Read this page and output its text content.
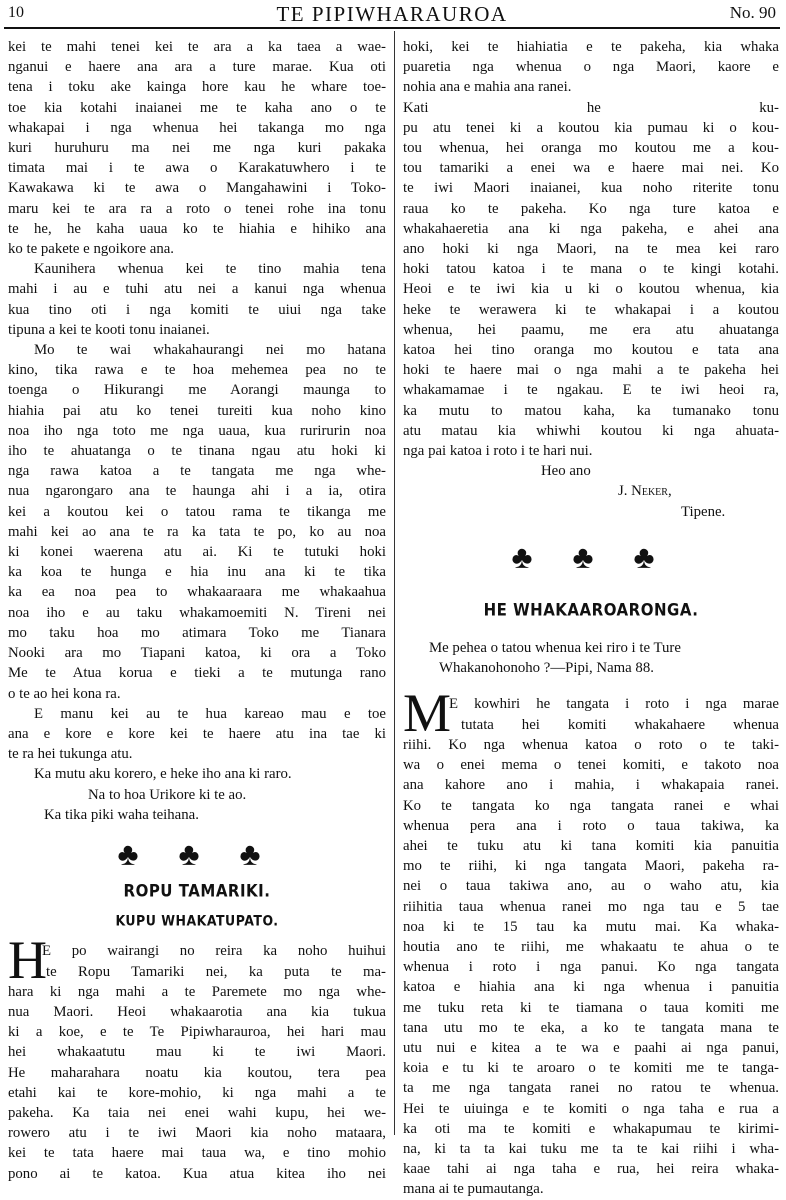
10	TE PIPIWHARAUROA	No. 90
kei te mahi tenei kei te ara a ka taea a wae-
nganui e haere ana ara a ture marae. Kua oti
tena i toku ake kainga hore kau he whare toe-
toe kia kotahi inaianei me te kaha ano o te
whakapai i nga whenua hei takanga mo nga
kuri huruhuru ma nei me nga kuri pakaka
timata mai i te awa o Karakatuwhero i te
Kawakawa ki te awa o Mangahawini i Toko-
maru kei te ara ra a roto o tenei rohe ina tonu
te he, he kaha uaua ko te hiahia e hihiko ana
ko te pakete e ngoikore ana.
Kaunihera whenua kei te tino mahia tena
mahi i au e tuhi atu nei a kanui nga whenua
kua tino oti i nga komiti te uiui nga take
tipuna a kei te kooti tonu inaianei.
Mo te wai whakahaurangi nei mo hatana
kino, tika rawa e te hoa mehemea pea no te
toenga o Hikurangi me Aorangi maunga to
hiahia pai atu ko tenei tureiti kua noho kino
noa iho nga toto me nga uaua, kua rurirurin noa
iho te ahuatanga o te tinana ngau atu hoki ki
nga rawa katoa a te tangata me nga whe-
nua ngarongaro ana te haunga ahi i a ia, otira
kei a koutou kei o tatou rama te tikanga me
mahi kei ao ana te ra ka tata te po, ko au noa
ki konei waerena atu ai. Ki te tutuki hoki
ka koa te hunga e hia inu ana ki te tika
ka ea noa pea to whakaaraara me whakaahua
noa iho e au taku whakamoemiti N. Tireni nei
mo taku hoa mo atimara Toko me Tianara
Nooki ara mo Tiapani katoa, ki ora a Toko
Me te Atua korua e tieki a te mutunga rano
o te ao hei kona ra.
E manu kei au te hua kareao mau e toe
ana e kore e kore kei te haere atu ina tae ki
te ra hei tukunga atu.
Ka mutu aku korero, e heke iho ana ki raro.
Na to hoa Urikore ki te ao.
Ka tika piki waha teihana.
♣ ♣ ♣
ROPU TAMARIKI.
KUPU WHAKATUPATO.
H
E po wairangi no reira ka noho huihui
te Ropu Tamariki nei, ka puta te ma-
hara ki nga mahi a te Paremete mo nga whe-
nua Maori. Heoi whakaarotia ana kia tukua
ki a koe, e te Te Pipiwharauroa, hei hari mau
hei whakaatutu mau ki te iwi Maori.
He maharahara noatu kia koutou, tera pea
etahi kai te kore-mohio, ki nga mahi a te
pakeha. Ka taia nei enei wahi kupu, hei we-
rowero atu i te iwi Maori kia noho mataara,
kei te tata haere mai taua wa, e tino mohio
pono ai te katoa. Kua atua kitea iho nei
hoki, kei te hiahiatia e te pakeha, kia whaka
puaretia nga whenua o nga Maori, kaore e
nohia ana e mahia ana ranei.
Kati he ku-
pu atu tenei ki a koutou kia pumau ki o kou-
tou whenua, hei oranga mo koutou me a kou-
tou tamariki a enei wa e haere mai nei. Ko
te iwi Maori inaianei, kua noho riterite tonu
raua ko te pakeha. Ko nga ture katoa e
whakahaeretia ana ki nga pakeha, e ahei ana
ano hoki ki nga Maori, na te mea kei raro
hoki tatou katoa i te mana o te kingi kotahi.
Heoi e te iwi kia u ki o koutou whenua, kia
heke te werawera ki te whakapai i a koutou
whenua, hei paamu, me era atu ahuatanga
katoa hei tino oranga mo koutou e tata ana
hoki te haere mai o nga mahi a te pakeha hei
whakamamae i te ngakau. E te iwi heoi ra,
ka mutu to matou kaha, ka tumanako tonu
atu matau kia whiwhi koutou ki nga ahuata-
nga pai katoa i roto i te hari nui.
Heo ano
J. Neker,
Tipene.
♣ ♣ ♣
HE WHAKAAROARONGA.
Me pehea o tatou whenua kei riro i te Ture
Whakanohonoho ?—Pipi, Nama 88.
M
E kowhiri he tangata i roto i nga marae
tutata hei komiti whakahaere whenua
riihi. Ko nga whenua katoa o roto o te taki-
wa o enei mema o tenei komiti, e takoto noa
ana kahore ano i mahia, i whakapaia ranei.
Ko te tangata ko nga tangata ranei e whai
whenua pera ana i roto o taua takiwa, ka
ahei te tuku atu ki tana komiti kia panuitia
mo te riihi, ki nga tangata Maori, pakeha ra-
nei o taua takiwa ano, au o waho atu, kia
riihitia taua whenua ranei mo nga tau e 5 tae
noa ki te 15 tau ka mutu mai. Ka whaka-
houtia ano te riihi, me whakaatu te ahua o te
whenua i roto i nga panui. Ko nga tangata
katoa e hiahia ana ki nga whenua i panuitia
me tuku reta ki te tiamana o taua komiti me
tana utu mo te eka, a ko te tangata mana te
utu nui e kitea a te wa e paahi ai nga panui,
koia e tu ki te aroaro o te komiti me te tanga-
ta me nga tangata ranei no ratou te whenua.
Hei te uiuinga e te komiti o nga taha e rua a
ka oti ma te komiti e whakapumau te kirimi-
na, ki ta ta kai tuku me ta te kai riihi i wha-
kaae tahi ai nga taha e rua, hei reira whaka-
mana ai te pumautanga.
